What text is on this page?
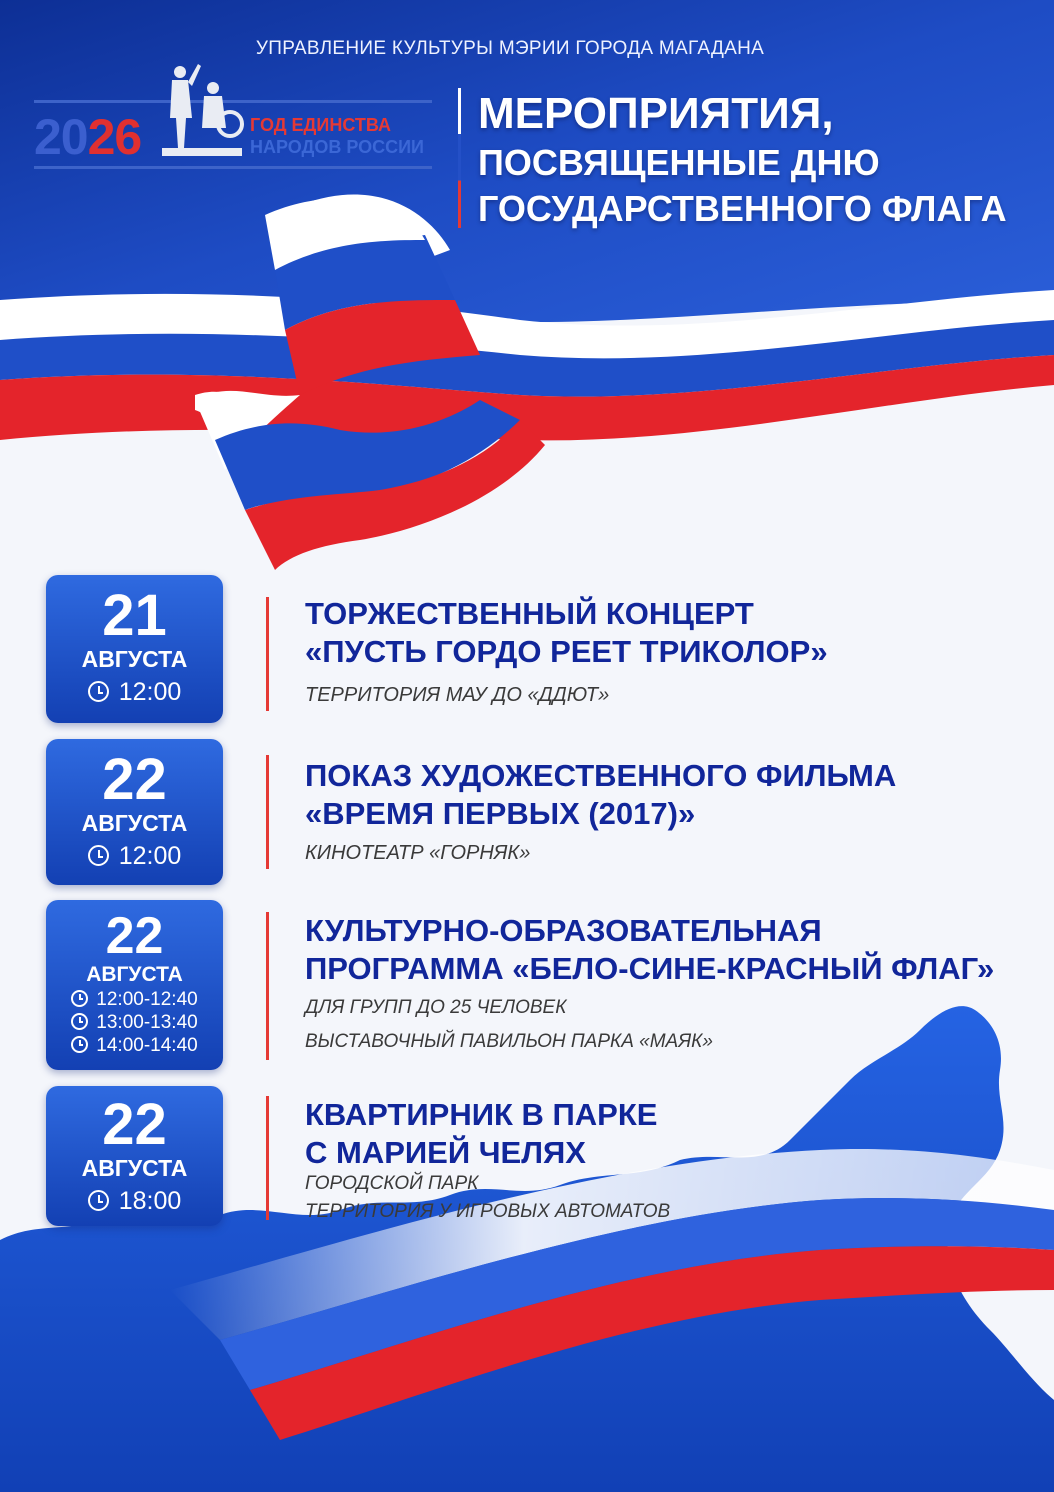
УПРАВЛЕНИЕ КУЛЬТУРЫ МЭРИИ ГОРОДА МАГАДАНА
2026	ГОД ЕДИНСТВА
НАРОДОВ РОССИИ
МЕРОПРИЯТИЯ,
ПОСВЯЩЕННЫЕ ДНЮ
ГОСУДАРСТВЕННОГО ФЛАГА
21
АВГУСТА
12:00
ТОРЖЕСТВЕННЫЙ КОНЦЕРТ
«ПУСТЬ ГОРДО РЕЕТ ТРИКОЛОР»
ТЕРРИТОРИЯ МАУ ДО «ДДЮТ»
22
АВГУСТА
12:00
ПОКАЗ ХУДОЖЕСТВЕННОГО ФИЛЬМА
«ВРЕМЯ ПЕРВЫХ (2017)»
КИНОТЕАТР «ГОРНЯК»
22
АВГУСТА
12:00-12:40
13:00-13:40
14:00-14:40
КУЛЬТУРНО-ОБРАЗОВАТЕЛЬНАЯ
ПРОГРАММА «БЕЛО-СИНЕ-КРАСНЫЙ ФЛАГ»
ДЛЯ ГРУПП ДО 25 ЧЕЛОВЕК
ВЫСТАВОЧНЫЙ ПАВИЛЬОН ПАРКА «МАЯК»
22
АВГУСТА
18:00
КВАРТИРНИК В ПАРКЕ
С МАРИЕЙ ЧЕЛЯХ
ГОРОДСКОЙ ПАРК
ТЕРРИТОРИЯ У ИГРОВЫХ АВТОМАТОВ
